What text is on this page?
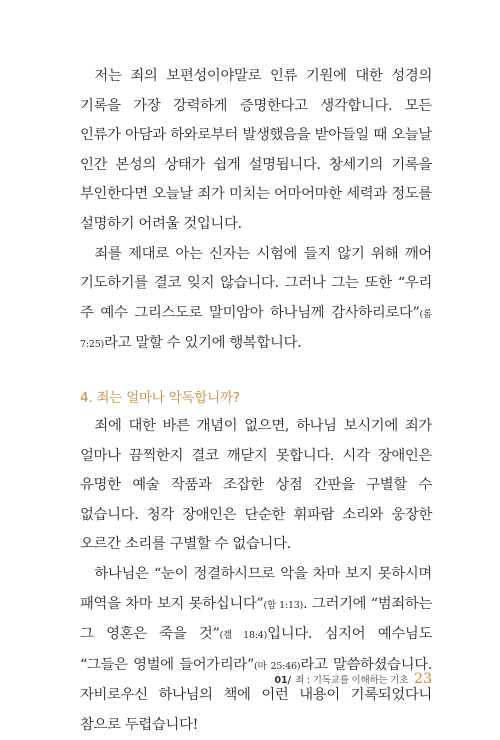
저는 죄의 보편성이야말로 인류 기원에 대한 성경의 기록을 가장 강력하게 증명한다고 생각합니다. 모든 인류가 아담과 하와로부터 발생했음을 받아들일 때 오늘날 인간 본성의 상태가 쉽게 설명됩니다. 창세기의 기록을 부인한다면 오늘날 죄가 미치는 어마어마한 세력과 정도를 설명하기 어려울 것입니다.

죄를 제대로 아는 신자는 시험에 들지 않기 위해 깨어 기도하기를 결코 잊지 않습니다. 그러나 그는 또한 “우리 주 예수 그리스도로 말미암아 하나님께 감사하리로다”(롬 7:25)라고 말할 수 있기에 행복합니다.

4. 죄는 얼마나 악독합니까?

죄에 대한 바른 개념이 없으면, 하나님 보시기에 죄가 얼마나 끔찍한지 결코 깨닫지 못합니다. 시각 장애인은 유명한 예술 작품과 조잡한 상점 간판을 구별할 수 없습니다. 청각 장애인은 단순한 휘파람 소리와 웅장한 오르간 소리를 구별할 수 없습니다.

하나님은 “눈이 정결하시므로 악을 차마 보지 못하시며 패역을 차마 보지 못하십니다”(합 1:13). 그러기에 “범죄하는 그 영혼은 죽을 것”(겔 18:4)입니다. 심지어 예수님도 “그들은 영벌에 들어가리라”(마 25:46)라고 말씀하셨습니다. 자비로우신 하나님의 책에 이런 내용이 기록되었다니 참으로 두렵습니다!

01/ 죄 : 기독교를 이해하는 기초 23
